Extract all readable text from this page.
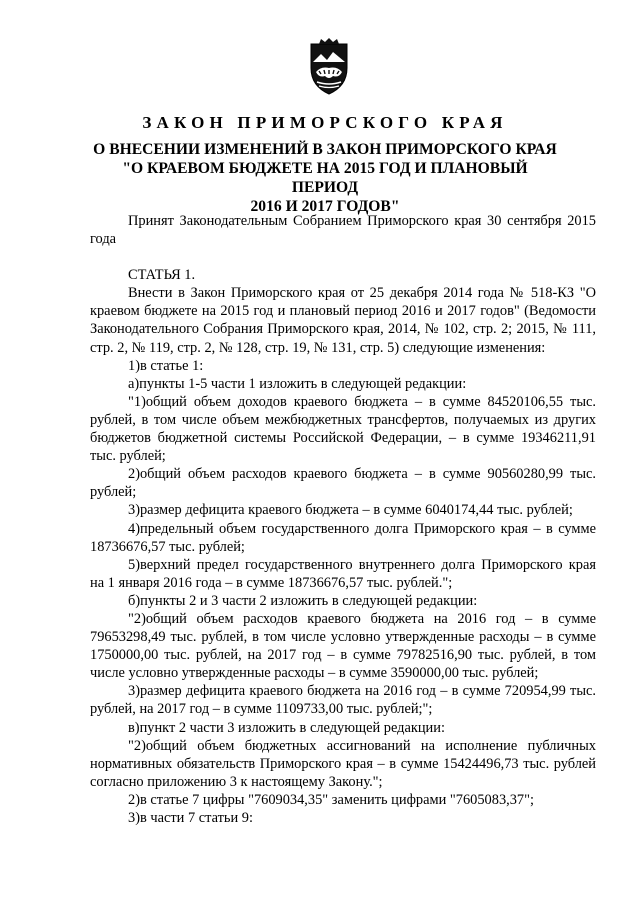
ЗАКОН ПРИМОРСКОГО КРАЯ
О ВНЕСЕНИИ ИЗМЕНЕНИЙ В ЗАКОН ПРИМОРСКОГО КРАЯ
"О КРАЕВОМ БЮДЖЕТЕ НА 2015 ГОД И ПЛАНОВЫЙ ПЕРИОД
2016 И 2017 ГОДОВ"

Принят Законодательным Собранием Приморского края 30 сентября 2015 года

СТАТЬЯ 1.

Внести в Закон Приморского края от 25 декабря 2014 года № 518-КЗ "О краевом бюджете на 2015 год и плановый период 2016 и 2017 годов" (Ведомости Законодательного Собрания Приморского края, 2014, № 102, стр. 2; 2015, № 111, стр. 2, № 119, стр. 2, № 128, стр. 19, № 131, стр. 5) следующие изменения:

1)в статье 1:

а)пункты 1-5 части 1 изложить в следующей редакции:

"1)общий объем доходов краевого бюджета – в сумме 84520106,55 тыс. рублей, в том числе объем межбюджетных трансфертов, получаемых из других бюджетов бюджетной системы Российской Федерации, – в сумме 19346211,91 тыс. рублей;

2)общий объем расходов краевого бюджета – в сумме 90560280,99 тыс. рублей;

3)размер дефицита краевого бюджета – в сумме 6040174,44 тыс. рублей;

4)предельный объем государственного долга Приморского края – в сумме 18736676,57 тыс. рублей;

5)верхний предел государственного внутреннего долга Приморского края на 1 января 2016 года – в сумме 18736676,57 тыс. рублей.";

б)пункты 2 и 3 части 2 изложить в следующей редакции:

"2)общий объем расходов краевого бюджета на 2016 год – в сумме 79653298,49 тыс. рублей, в том числе условно утвержденные расходы – в сумме 1750000,00 тыс. рублей, на 2017 год – в сумме 79782516,90 тыс. рублей, в том числе условно утвержденные расходы – в сумме 3590000,00 тыс. рублей;

3)размер дефицита краевого бюджета на 2016 год – в сумме 720954,99 тыс. рублей, на 2017 год – в сумме 1109733,00 тыс. рублей;";

в)пункт 2 части 3 изложить в следующей редакции:

"2)общий объем бюджетных ассигнований на исполнение публичных нормативных обязательств Приморского края – в сумме 15424496,73 тыс. рублей согласно приложению 3 к настоящему Закону.";

2)в статье 7 цифры "7609034,35" заменить цифрами "7605083,37";

3)в части 7 статьи 9:
